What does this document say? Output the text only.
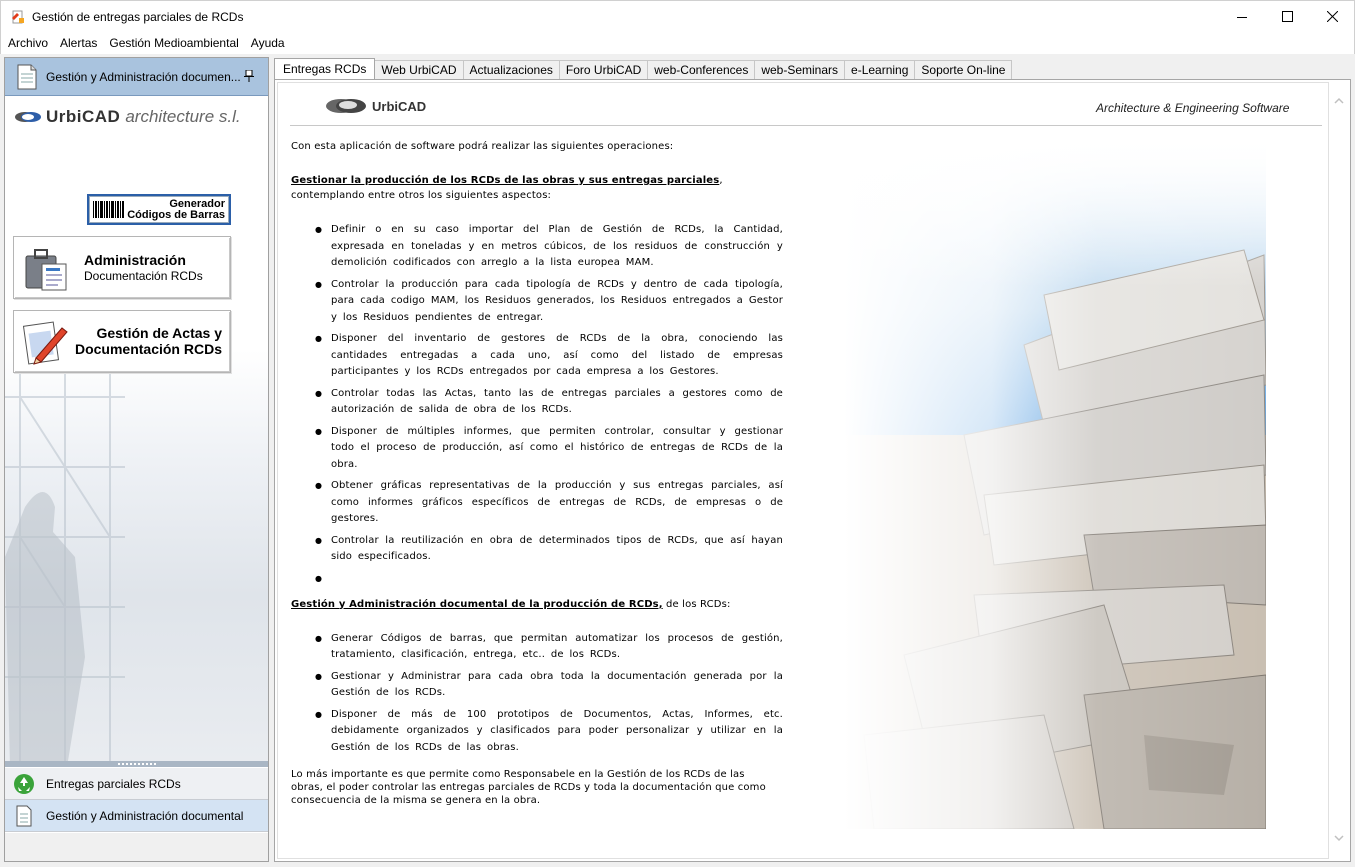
Gestión de entregas parciales de RCDs
Archivo	Alertas	Gestión Medioambiental	Ayuda
Gestión y Administración documen...
UrbiCAD architecture s.l.
Generador
Códigos de Barras
Administración
Documentación RCDs
Gestión de Actas y
Documentación RCDs
Entregas parciales RCDs
Gestión y Administración documental
Entregas RCDs	Web UrbiCAD	Actualizaciones	Foro UrbiCAD	web-Conferences	web-Seminars	e-Learning	Soporte On-line
UrbiCAD	Architecture & Engineering Software

Con esta aplicación de software podrá realizar las siguientes operaciones:

Gestionar la producción de los RCDs de las obras y sus entregas parciales,

contemplando entre otros los siguientes aspectos:

● Definir o en su caso importar del Plan de Gestión de RCDs, la Cantidad, expresada en toneladas y en metros cúbicos, de los residuos de construcción y demolición codificados con arreglo a la lista europea MAM.
● Controlar la producción para cada tipología de RCDs y dentro de cada tipología, para cada codigo MAM, los Residuos generados, los Residuos entregados a Gestor y los Residuos pendientes de entregar.
● Disponer del inventario de gestores de RCDs de la obra, conociendo las cantidades entregadas a cada uno, así como del listado de empresas participantes y los RCDs entregados por cada empresa a los Gestores.
● Controlar todas las Actas, tanto las de entregas parciales a gestores como de autorización de salida de obra de los RCDs.
● Disponer de múltiples informes, que permiten controlar, consultar y gestionar todo el proceso de producción, así como el histórico de entregas de RCDs de la obra.
● Obtener gráficas representativas de la producción y sus entregas parciales, así como informes gráficos específicos de entregas de RCDs, de empresas o de gestores.
● Controlar la reutilización en obra de determinados tipos de RCDs, que así hayan sido especificados.
●

Gestión y Administración documental de la producción de RCDs, de los RCDs:

● Generar Códigos de barras, que permitan automatizar los procesos de gestión, tratamiento, clasificación, entrega, etc.. de los RCDs.
● Gestionar y Administrar para cada obra toda la documentación generada por la Gestión de los RCDs.
● Disponer de más de 100 prototipos de Documentos, Actas, Informes, etc. debidamente organizados y clasificados para poder personalizar y utilizar en la Gestión de los RCDs de las obras.

Lo más importante es que permite como Responsabele en la Gestión de los RCDs de las obras, el poder controlar las entregas parciales de RCDs y toda la documentación que como consecuencia de la misma se genera en la obra.
